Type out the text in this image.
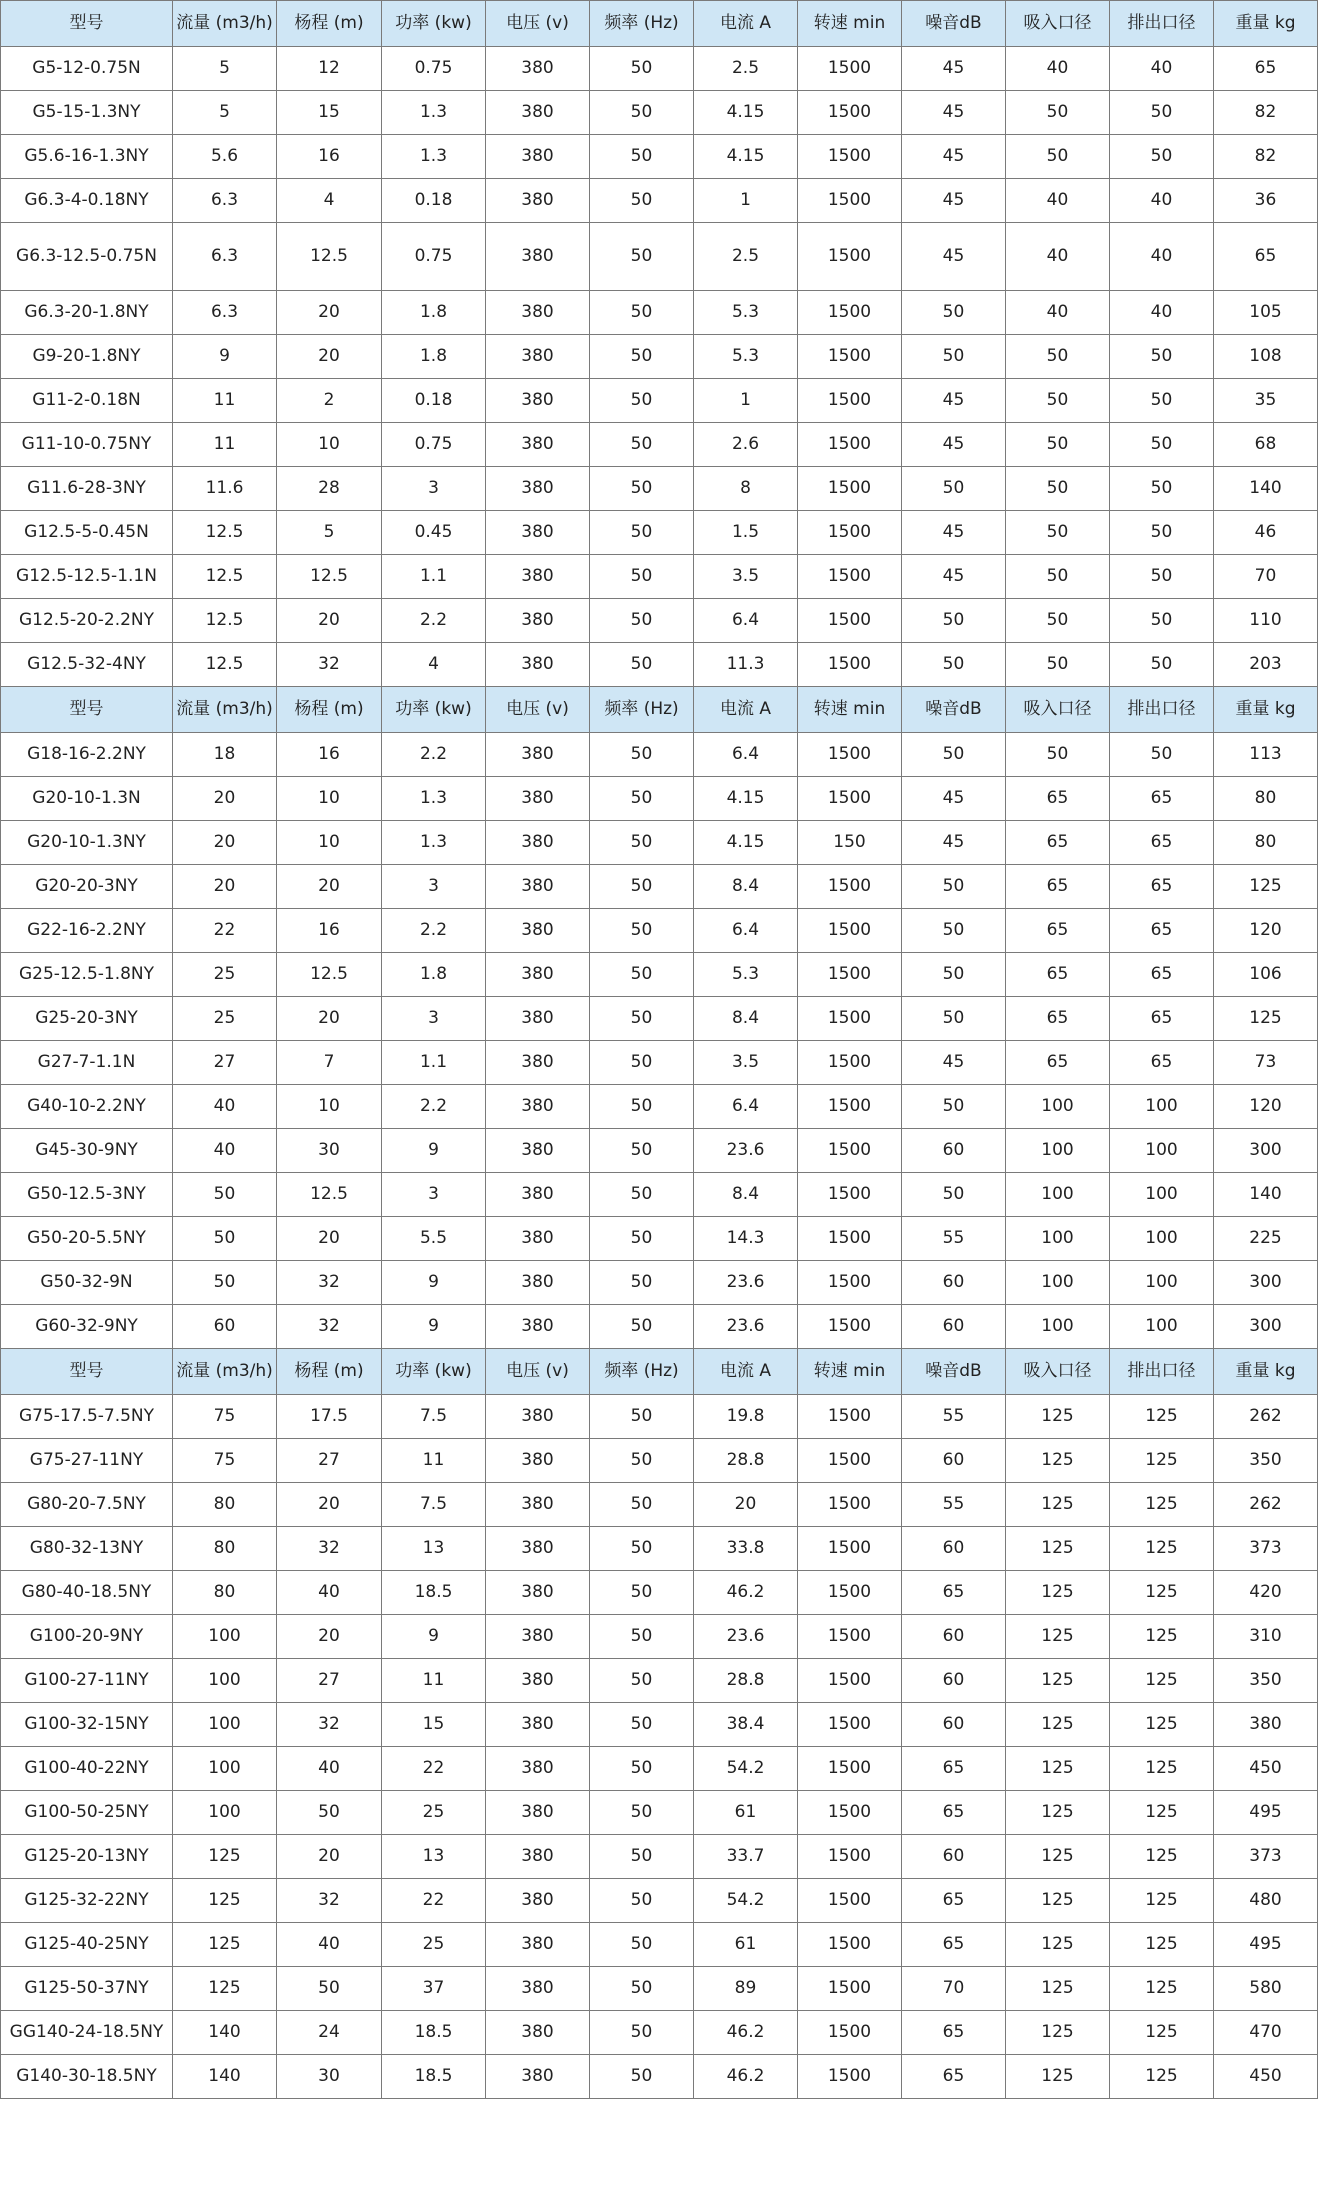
型号	流量 (m3/h)	杨程 (m)	功率 (kw)	电压 (v)	频率 (Hz)	电流 A	转速 min	噪音dB	吸入口径	排出口径	重量 kg
G5-12-0.75N	5	12	0.75	380	50	2.5	1500	45	40	40	65
G5-15-1.3NY	5	15	1.3	380	50	4.15	1500	45	50	50	82
G5.6-16-1.3NY	5.6	16	1.3	380	50	4.15	1500	45	50	50	82
G6.3-4-0.18NY	6.3	4	0.18	380	50	1	1500	45	40	40	36
G6.3-12.5-0.75N	6.3	12.5	0.75	380	50	2.5	1500	45	40	40	65
G6.3-20-1.8NY	6.3	20	1.8	380	50	5.3	1500	50	40	40	105
G9-20-1.8NY	9	20	1.8	380	50	5.3	1500	50	50	50	108
G11-2-0.18N	11	2	0.18	380	50	1	1500	45	50	50	35
G11-10-0.75NY	11	10	0.75	380	50	2.6	1500	45	50	50	68
G11.6-28-3NY	11.6	28	3	380	50	8	1500	50	50	50	140
G12.5-5-0.45N	12.5	5	0.45	380	50	1.5	1500	45	50	50	46
G12.5-12.5-1.1N	12.5	12.5	1.1	380	50	3.5	1500	45	50	50	70
G12.5-20-2.2NY	12.5	20	2.2	380	50	6.4	1500	50	50	50	110
G12.5-32-4NY	12.5	32	4	380	50	11.3	1500	50	50	50	203
型号	流量 (m3/h)	杨程 (m)	功率 (kw)	电压 (v)	频率 (Hz)	电流 A	转速 min	噪音dB	吸入口径	排出口径	重量 kg
G18-16-2.2NY	18	16	2.2	380	50	6.4	1500	50	50	50	113
G20-10-1.3N	20	10	1.3	380	50	4.15	1500	45	65	65	80
G20-10-1.3NY	20	10	1.3	380	50	4.15	150	45	65	65	80
G20-20-3NY	20	20	3	380	50	8.4	1500	50	65	65	125
G22-16-2.2NY	22	16	2.2	380	50	6.4	1500	50	65	65	120
G25-12.5-1.8NY	25	12.5	1.8	380	50	5.3	1500	50	65	65	106
G25-20-3NY	25	20	3	380	50	8.4	1500	50	65	65	125
G27-7-1.1N	27	7	1.1	380	50	3.5	1500	45	65	65	73
G40-10-2.2NY	40	10	2.2	380	50	6.4	1500	50	100	100	120
G45-30-9NY	40	30	9	380	50	23.6	1500	60	100	100	300
G50-12.5-3NY	50	12.5	3	380	50	8.4	1500	50	100	100	140
G50-20-5.5NY	50	20	5.5	380	50	14.3	1500	55	100	100	225
G50-32-9N	50	32	9	380	50	23.6	1500	60	100	100	300
G60-32-9NY	60	32	9	380	50	23.6	1500	60	100	100	300
型号	流量 (m3/h)	杨程 (m)	功率 (kw)	电压 (v)	频率 (Hz)	电流 A	转速 min	噪音dB	吸入口径	排出口径	重量 kg
G75-17.5-7.5NY	75	17.5	7.5	380	50	19.8	1500	55	125	125	262
G75-27-11NY	75	27	11	380	50	28.8	1500	60	125	125	350
G80-20-7.5NY	80	20	7.5	380	50	20	1500	55	125	125	262
G80-32-13NY	80	32	13	380	50	33.8	1500	60	125	125	373
G80-40-18.5NY	80	40	18.5	380	50	46.2	1500	65	125	125	420
G100-20-9NY	100	20	9	380	50	23.6	1500	60	125	125	310
G100-27-11NY	100	27	11	380	50	28.8	1500	60	125	125	350
G100-32-15NY	100	32	15	380	50	38.4	1500	60	125	125	380
G100-40-22NY	100	40	22	380	50	54.2	1500	65	125	125	450
G100-50-25NY	100	50	25	380	50	61	1500	65	125	125	495
G125-20-13NY	125	20	13	380	50	33.7	1500	60	125	125	373
G125-32-22NY	125	32	22	380	50	54.2	1500	65	125	125	480
G125-40-25NY	125	40	25	380	50	61	1500	65	125	125	495
G125-50-37NY	125	50	37	380	50	89	1500	70	125	125	580
GG140-24-18.5NY	140	24	18.5	380	50	46.2	1500	65	125	125	470
G140-30-18.5NY	140	30	18.5	380	50	46.2	1500	65	125	125	450
